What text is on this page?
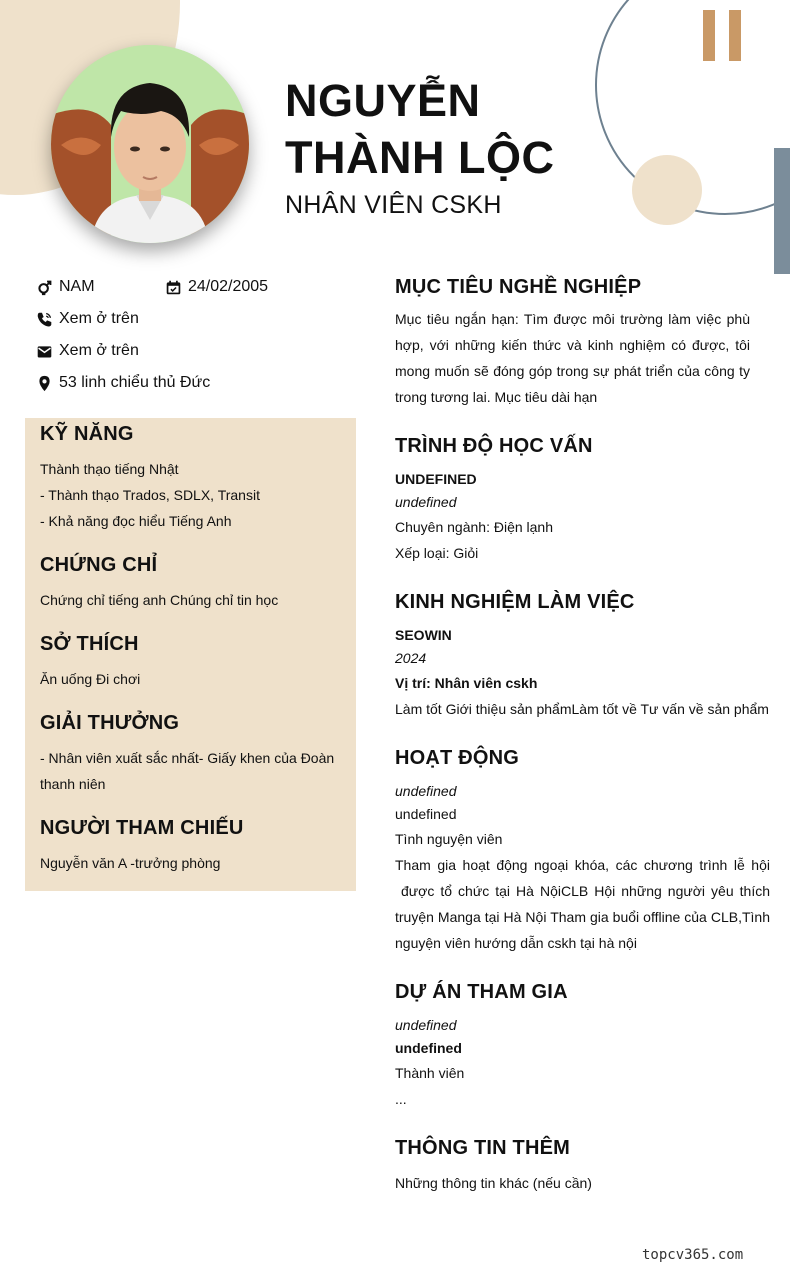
NGUYỄN
THÀNH LỘC

NHÂN VIÊN CSKH

NAM	24/02/2005
Xem ở trên
Xem ở trên
53 linh chiểu thủ Đức
KỸ NĂNG

Thành thạo tiếng Nhật

- Thành thạo Trados, SDLX, Transit

- Khả năng đọc hiểu Tiếng Anh

CHỨNG CHỈ

Chứng chỉ tiếng anh Chúng chỉ tin học

SỞ THÍCH

Ăn uống Đi chơi

GIẢI THƯỞNG

- Nhân viên xuất sắc nhất- Giấy khen của Đoàn

thanh niên

NGƯỜI THAM CHIẾU

Nguyễn văn A -trưởng phòng

MỤC TIÊU NGHỀ NGHIỆP

Mục tiêu ngắn hạn: Tìm được môi trường làm việc phù

hợp, với những kiến thức và kinh nghiệm có được, tôi

mong muốn sẽ đóng góp trong sự phát triển của công ty

trong tương lai. Mục tiêu dài hạn

TRÌNH ĐỘ HỌC VẤN

UNDEFINED

undefined

Chuyên ngành: Điện lạnh

Xếp loại: Giỏi

KINH NGHIỆM LÀM VIỆC

SEOWIN

2024

Vị trí: Nhân viên cskh

Làm tốt Giới thiệu sản phẩmLàm tốt về Tư vấn về sản phẩm

HOẠT ĐỘNG

undefined

undefined

Tình nguyện viên

Tham gia hoạt động ngoại khóa, các chương trình lễ hội

được tổ chức tại Hà NộiCLB Hội những người yêu thích

truyện Manga tại Hà Nội Tham gia buổi offline của CLB,Tình

nguyện viên hướng dẫn cskh tại hà nội

DỰ ÁN THAM GIA

undefined

undefined

Thành viên

...

THÔNG TIN THÊM

Những thông tin khác (nếu cần)

topcv365.com
